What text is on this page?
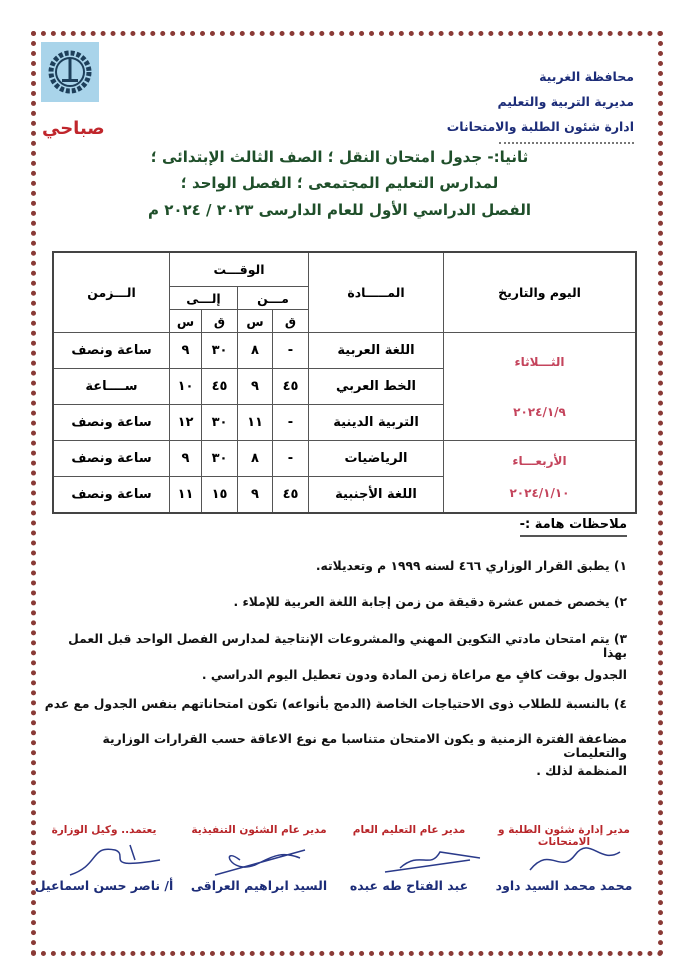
محافظة الغربية
مديرية التربية والتعليم
ادارة شئون الطلبة والامتحانات
صباحي
ثانيا:- جدول امتحان النقل ؛ الصف الثالث الإبتدائى ؛
لمدارس التعليم المجتمعى ؛ الفصل الواحد ؛
الفصل الدراسي الأول للعام الدارسى ٢٠٢٣ / ٢٠٢٤ م
اليوم والتاريخ	المـــــادة	الوقـــت				الـــزمن
		مـــن		إلـــى		
		ق	س	ق	س	

الثـــلاثاء
٢٠٢٤/١/٩	اللغة العربية	-	٨	٣٠	٩	ساعة ونصف
	الخط العربي	٤٥	٩	٤٥	١٠	ســــاعة
	التربية الدينية	-	١١	٣٠	١٢	ساعة ونصف

الأربعـــاء
٢٠٢٤/١/١٠	الرياضيات	-	٨	٣٠	٩	ساعة ونصف
	اللغة الأجنبية	٤٥	٩	١٥	١١	ساعة ونصف
ملاحظات هامة :-
١) يطبق القرار الوزاري ٤٦٦ لسنه ١٩٩٩ م وتعديلاته.
٢) يخصص خمس عشرة دقيقة من زمن إجابة اللغة العربية للإملاء .
٣) يتم امتحان مادتي التكوين المهني والمشروعات الإنتاجية لمدارس الفصل الواحد قبل العمل بهذا
الجدول بوقت كافٍ مع مراعاة زمن المادة ودون تعطيل اليوم الدراسي .
٤) بالنسبة للطلاب ذوى الاحتياجات الخاصة (الدمج بأنواعه) تكون امتحاناتهم بنفس الجدول مع عدم
مضاعفة الفترة الزمنية و يكون الامتحان متناسبا مع نوع الاعاقة حسب القرارات الوزارية والتعليمات
المنظمة لذلك .
مدير إدارة شئون الطلبة و الامتحانات
مدير عام التعليم العام
مدير عام الشئون التنفيذية
يعتمد.. وكيل الوزارة
محمد محمد السيد داود
عبد الفتاح طه عبده
السيد ابراهيم العراقى
أ/ ناصر حسن اسماعيل
